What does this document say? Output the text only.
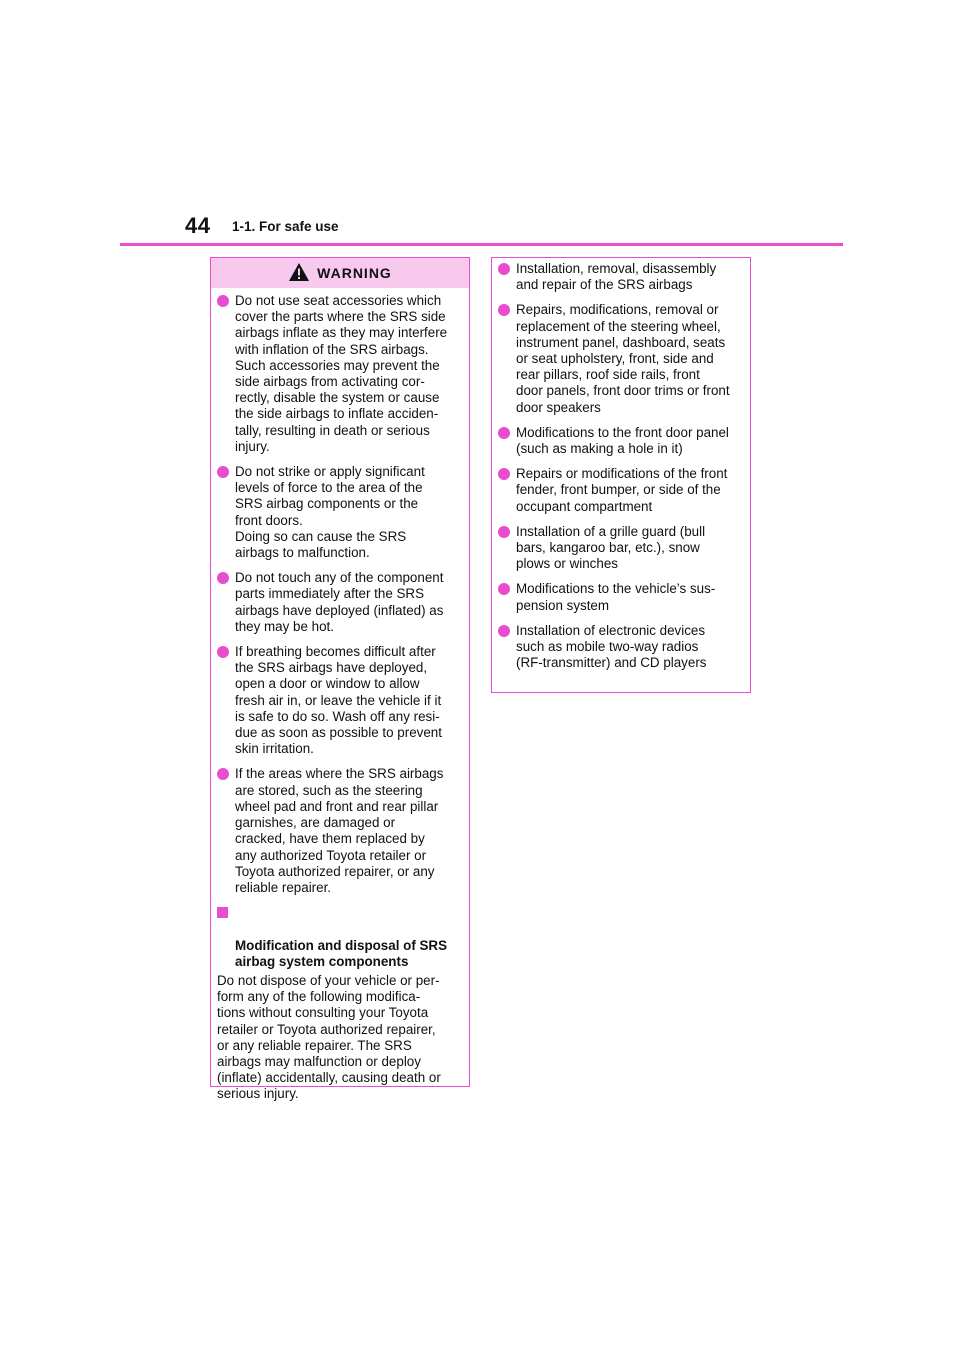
44 1-1. For safe use
WARNING
Do not use seat accessories which
cover the parts where the SRS side
airbags inflate as they may interfere
with inflation of the SRS airbags.
Such accessories may prevent the
side airbags from activating cor-
rectly, disable the system or cause
the side airbags to inflate acciden-
tally, resulting in death or serious
injury.
Do not strike or apply significant
levels of force to the area of the
SRS airbag components or the
front doors.
Doing so can cause the SRS
airbags to malfunction.
Do not touch any of the component
parts immediately after the SRS
airbags have deployed (inflated) as
they may be hot.
If breathing becomes difficult after
the SRS airbags have deployed,
open a door or window to allow
fresh air in, or leave the vehicle if it
is safe to do so. Wash off any resi-
due as soon as possible to prevent
skin irritation.
If the areas where the SRS airbags
are stored, such as the steering
wheel pad and front and rear pillar
garnishes, are damaged or
cracked, have them replaced by
any authorized Toyota retailer or
Toyota authorized repairer, or any
reliable repairer.

Modification and disposal of SRS
airbag system components

Do not dispose of your vehicle or per-
form any of the following modifica-
tions without consulting your Toyota
retailer or Toyota authorized repairer,
or any reliable repairer. The SRS
airbags may malfunction or deploy
(inflate) accidentally, causing death or
serious injury.

Installation, removal, disassembly
and repair of the SRS airbags
Repairs, modifications, removal or
replacement of the steering wheel,
instrument panel, dashboard, seats
or seat upholstery, front, side and
rear pillars, roof side rails, front
door panels, front door trims or front
door speakers
Modifications to the front door panel
(such as making a hole in it)
Repairs or modifications of the front
fender, front bumper, or side of the
occupant compartment
Installation of a grille guard (bull
bars, kangaroo bar, etc.), snow
plows or winches
Modifications to the vehicle’s sus-
pension system
Installation of electronic devices
such as mobile two-way radios
(RF-transmitter) and CD players
